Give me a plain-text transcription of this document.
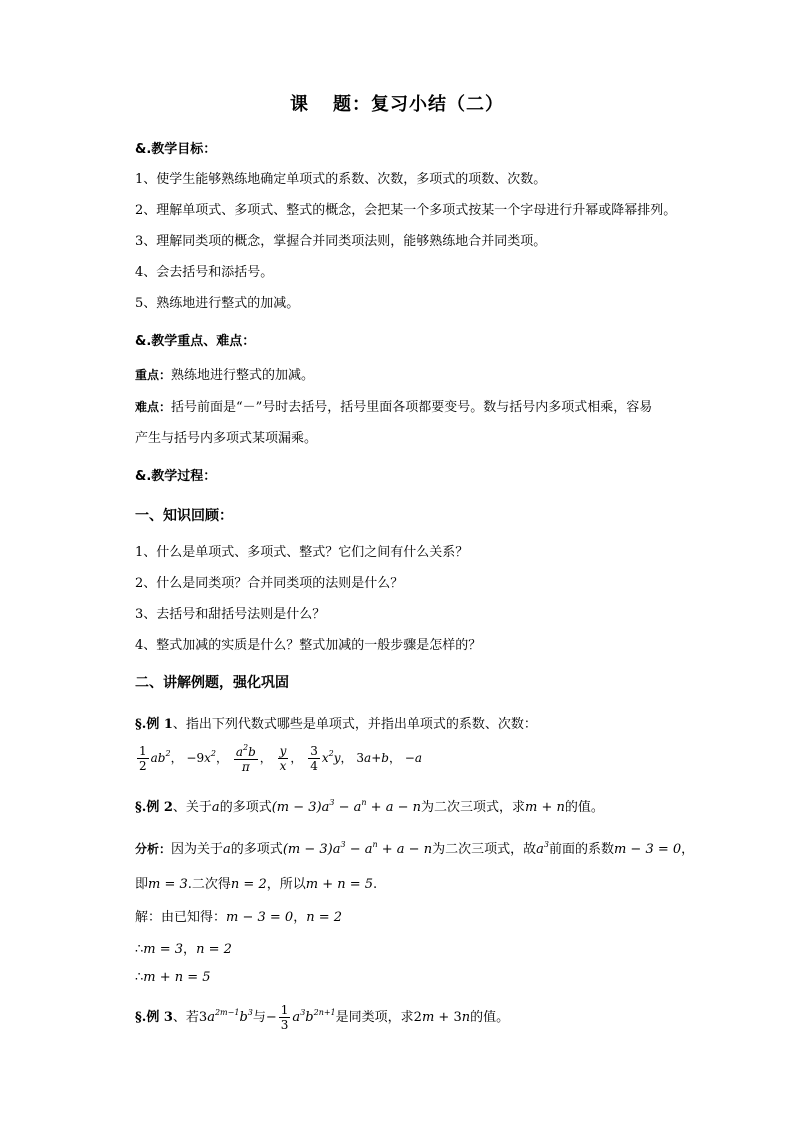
课 题：复习小结（二）
&.教学目标：
1、使学生能够熟练地确定单项式的系数、次数，多项式的项数、次数。
2、理解单项式、多项式、整式的概念，会把某一个多项式按某一个字母进行升幂或降幂排列。
3、理解同类项的概念，掌握合并同类项法则，能够熟练地合并同类项。
4、会去括号和添括号。
5、熟练地进行整式的加减。
&.教学重点、难点：
重点：熟练地进行整式的加减。
难点：括号前面是“－”号时去括号，括号里面各项都要变号。数与括号内多项式相乘，容易
产生与括号内多项式某项漏乘。
&.教学过程：
一、知识回顾：
1、什么是单项式、多项式、整式？它们之间有什么关系？
2、什么是同类项？合并同类项的法则是什么？
3、去括号和甜括号法则是什么？
4、整式加减的实质是什么？整式加减的一般步骤是怎样的？
二、讲解例题，强化巩固
§.例 1、指出下列代数式哪些是单项式，并指出单项式的系数、次数：
$\frac{1}{2} ab^2$， $-9x^2$， $\frac{a^2b}{\pi}$ ， $\frac{y}{x}$ ， $\frac{3}{4} x^2y$， 3a+b， −a
§.例 2、关于a的多项式$(m - 3)a^3 - a^n + a - n$为二次三项式，求m + n的值。
分析：因为关于a的多项式$(m - 3)a^3 - a^n + a - n$为二次三项式，故$a^3$前面的系数m − 3 = 0，
即m = 3.二次得n = 2，所以m + n = 5.
解：由已知得：m − 3 = 0，n = 2
∴m = 3，n = 2
∴m + n = 5
§.例 3、若$3a^{2m-1}b^3$与− $\frac{1}{3} a^3b^{2n+1}$是同类项，求2m + 3n的值。
